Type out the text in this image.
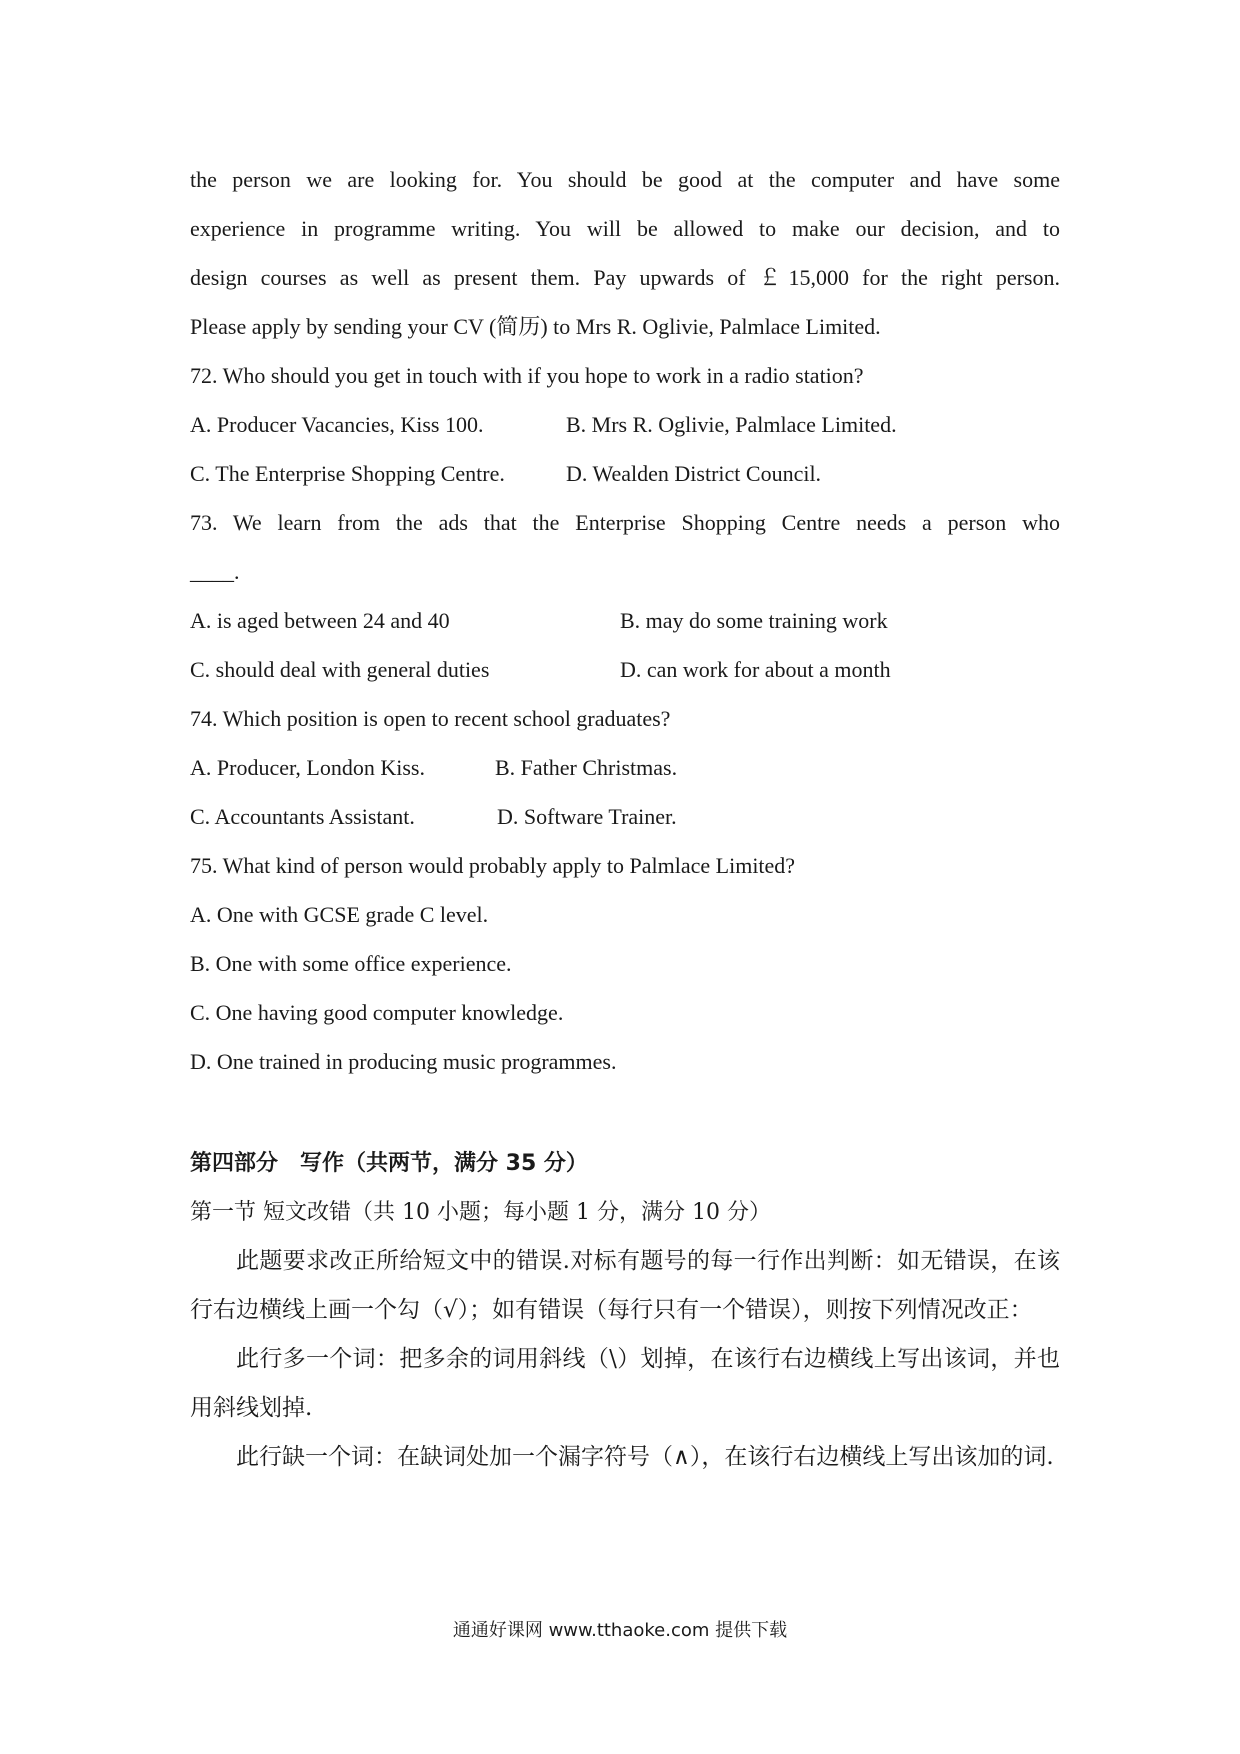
the person we are looking for. You should be good at the computer and have some
experience in programme writing. You will be allowed to make our decision, and to
design courses as well as present them. Pay upwards of ￡15,000 for the right person.
Please apply by sending your CV (简历) to Mrs R. Oglivie, Palmlace Limited.
72. Who should you get in touch with if you hope to work in a radio station?
A. Producer Vacancies, Kiss 100.	B. Mrs R. Oglivie, Palmlace Limited.
C. The Enterprise Shopping Centre.	D. Wealden District Council.
73. We learn from the ads that the Enterprise Shopping Centre needs a person who
____.
A. is aged between 24 and 40	B. may do some training work
C. should deal with general duties	D. can work for about a month
74. Which position is open to recent school graduates?
A. Producer, London Kiss.	B. Father Christmas.
C. Accountants Assistant.	D. Software Trainer.
75. What kind of person would probably apply to Palmlace Limited?
A. One with GCSE grade C level.
B. One with some office experience.
C. One having good computer knowledge.
D. One trained in producing music programmes.
第四部分　写作（共两节，满分 35 分）
第一节 短文改错（共 10 小题；每小题 1 分，满分 10 分）

此题要求改正所给短文中的错误.对标有题号的每一行作出判断：如无错误，在该行右边横线上画一个勾（√）；如有错误（每行只有一个错误），则按下列情况改正：

此行多一个词：把多余的词用斜线（\）划掉，在该行右边横线上写出该词，并也用斜线划掉.

此行缺一个词：在缺词处加一个漏字符号（∧），在该行右边横线上写出该加的词.

通通好课网 www.tthaoke.com 提供下载
